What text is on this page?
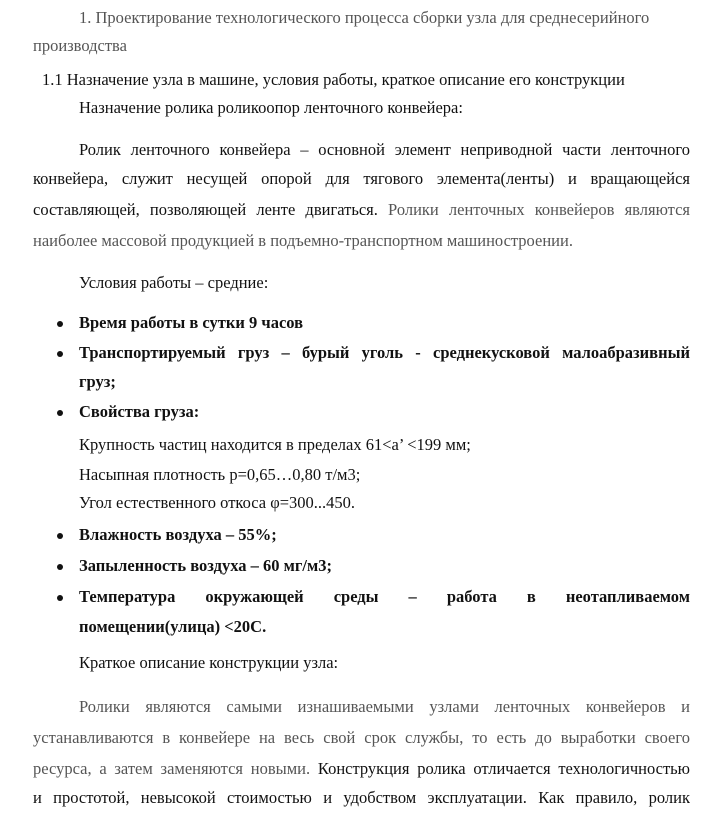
1. Проектирование технологического процесса сборки узла для среднесерийного
производства
1.1 Назначение узла в машине, условия работы, краткое описание его конструкции
Назначение ролика роликоопор ленточного конвейера:
Ролик ленточного конвейера – основной элемент неприводной части ленточного
конвейера, служит несущей опорой для тягового элемента(ленты) и вращающейся
составляющей, позволяющей ленте двигаться. Ролики ленточных конвейеров являются
наиболее массовой продукцией в подъемно-транспортном машиностроении.
Условия работы – средние:
Время работы в сутки 9 часов
Транспортируемый груз – бурый уголь - среднекусковой малоабразивный
груз;
Свойства груза:
Крупность частиц находится в пределах 61<a’ <199 мм;
Насыпная плотность р=0,65…0,80 т/м3;
Угол естественного откоса φ=300...450.
Влажность воздуха – 55%;
Запыленность воздуха – 60 мг/м3;
Температура окружающей среды – работа в неотапливаемом
помещении(улица) <20С.
Краткое описание конструкции узла:
Ролики являются самыми изнашиваемыми узлами ленточных конвейеров и
устанавливаются в конвейере на весь свой срок службы, то есть до выработки своего
ресурса, а затем заменяются новыми. Конструкция ролика отличается технологичностью
и простотой, невысокой стоимостью и удобством эксплуатации. Как правило, ролик
